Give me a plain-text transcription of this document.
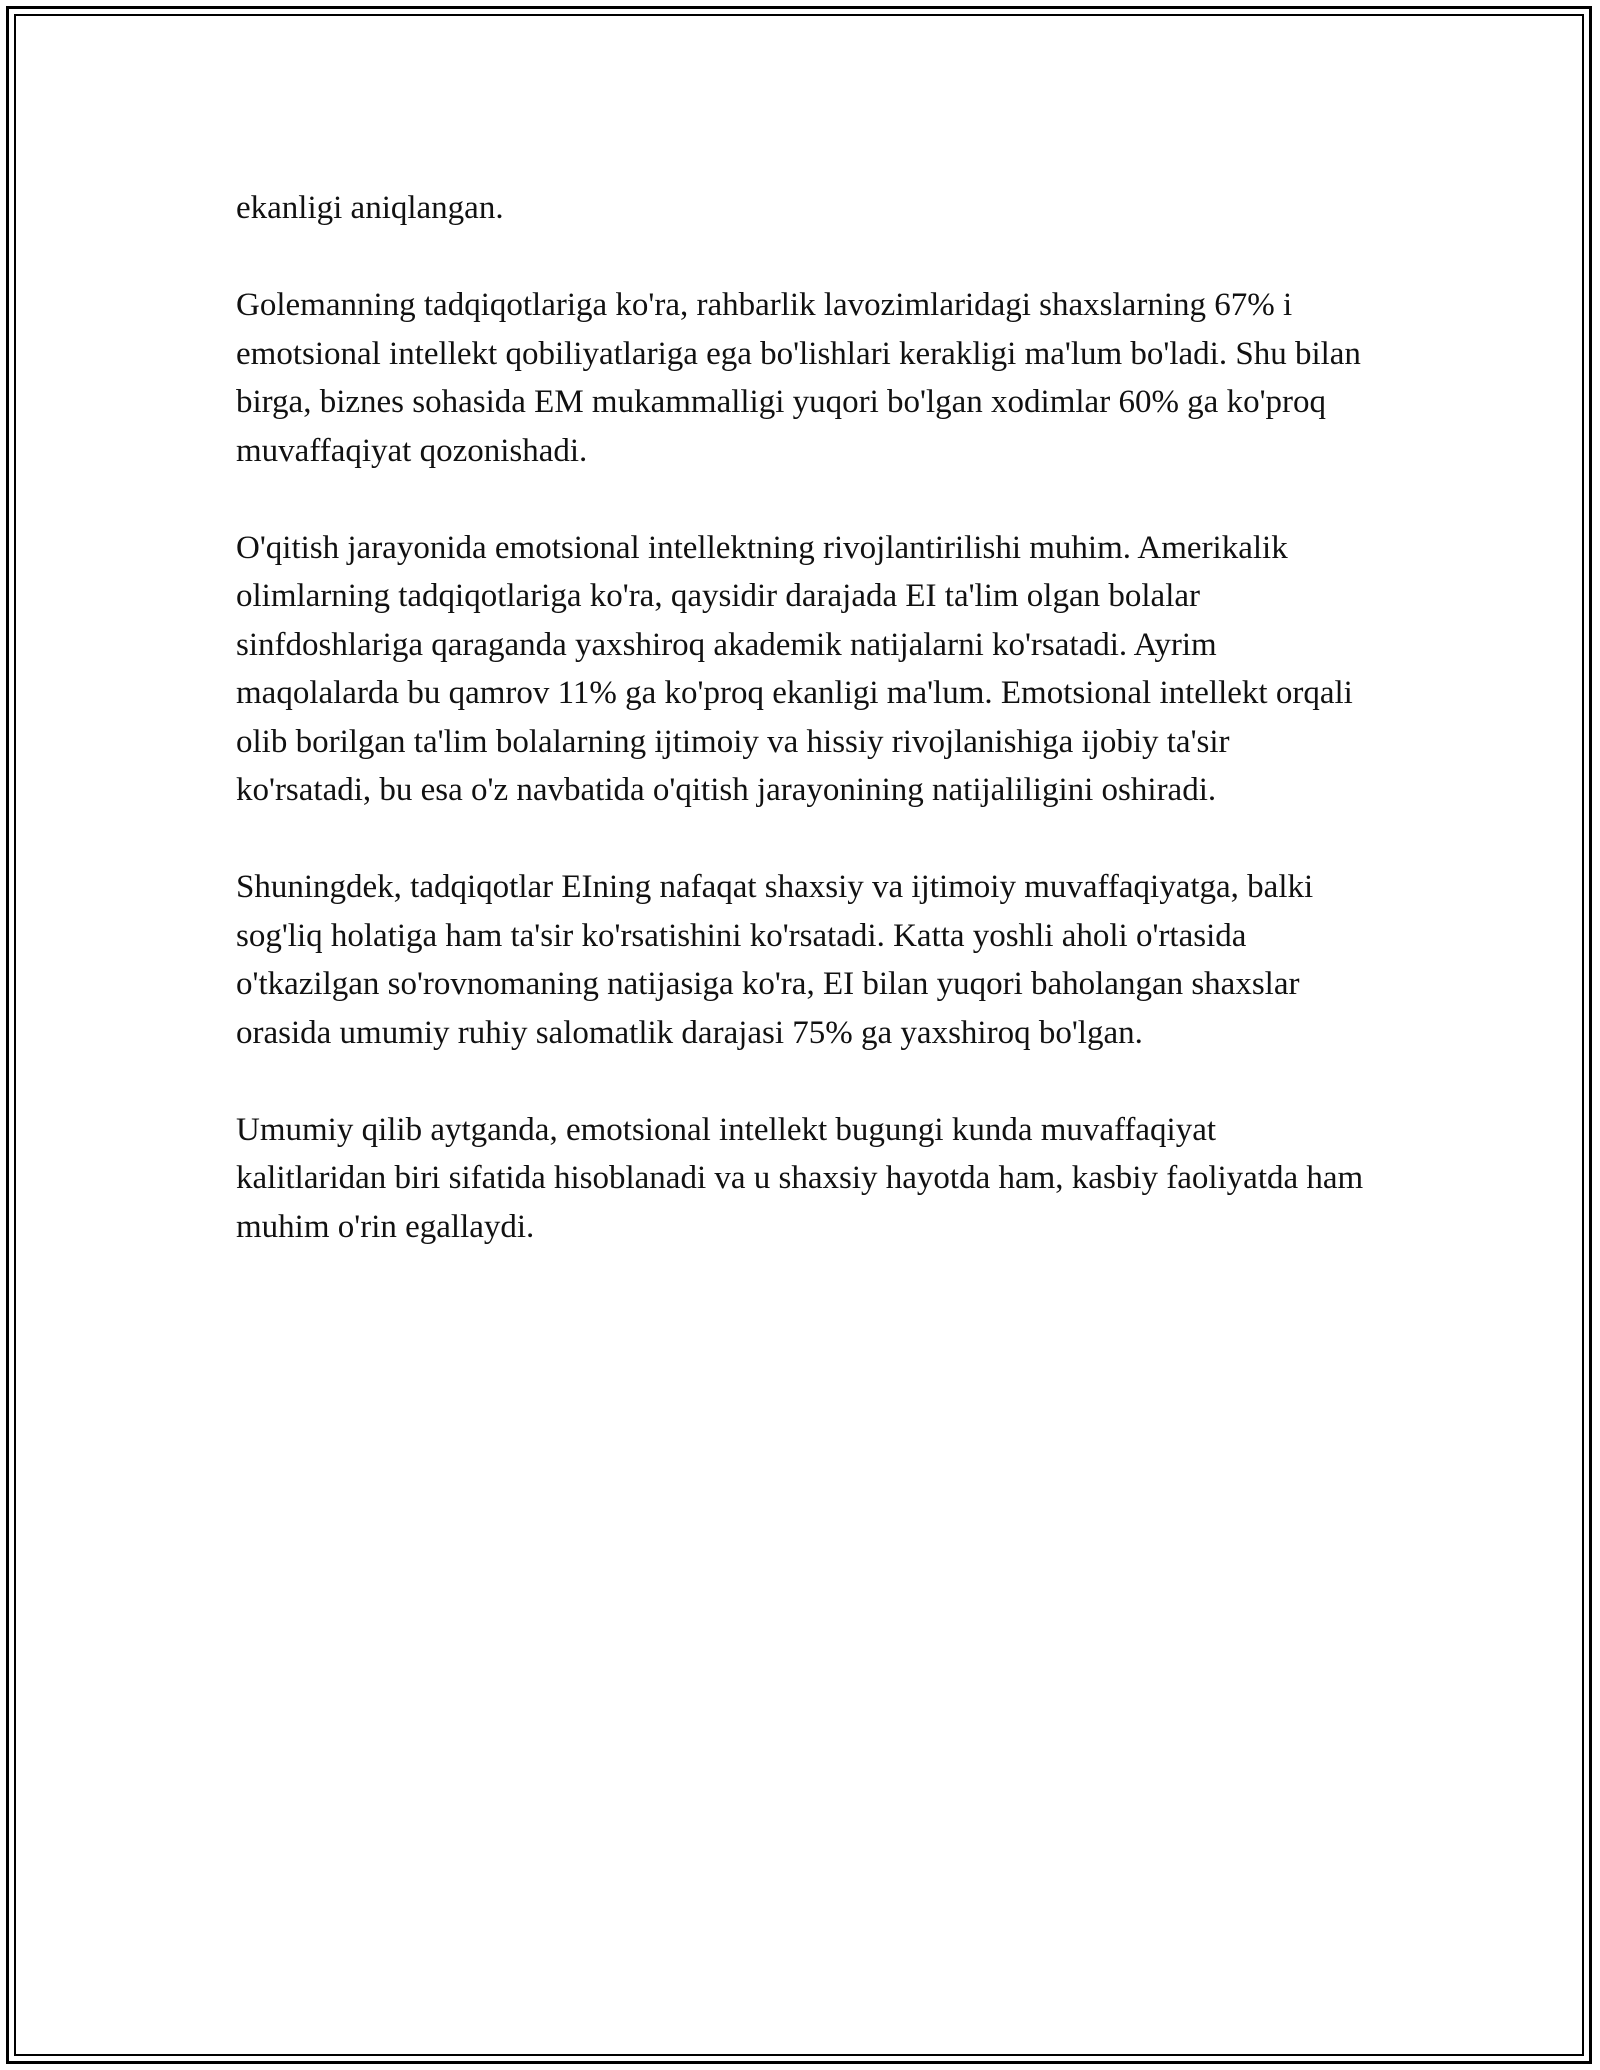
ekanligi aniqlangan.

Golemanning tadqiqotlariga ko'ra, rahbarlik lavozimlaridagi shaxslarning 67% i emotsional intellekt qobiliyatlariga ega bo'lishlari kerakligi ma'lum bo'ladi. Shu bilan birga, biznes sohasida EM mukammalligi yuqori bo'lgan xodimlar 60% ga ko'proq muvaffaqiyat qozonishadi.

O'qitish jarayonida emotsional intellektning rivojlantirilishi muhim. Amerikalik olimlarning tadqiqotlariga ko'ra, qaysidir darajada EI ta'lim olgan bolalar sinfdoshlariga qaraganda yaxshiroq akademik natijalarni ko'rsatadi. Ayrim maqolalarda bu qamrov 11% ga ko'proq ekanligi ma'lum. Emotsional intellekt orqali olib borilgan ta'lim bolalarning ijtimoiy va hissiy rivojlanishiga ijobiy ta'sir ko'rsatadi, bu esa o'z navbatida o'qitish jarayonining natijaliligini oshiradi.

Shuningdek, tadqiqotlar EIning nafaqat shaxsiy va ijtimoiy muvaffaqiyatga, balki sog'liq holatiga ham ta'sir ko'rsatishini ko'rsatadi. Katta yoshli aholi o'rtasida o'tkazilgan so'rovnomaning natijasiga ko'ra, EI bilan yuqori baholangan shaxslar orasida umumiy ruhiy salomatlik darajasi 75% ga yaxshiroq bo'lgan.

Umumiy qilib aytganda, emotsional intellekt bugungi kunda muvaffaqiyat kalitlaridan biri sifatida hisoblanadi va u shaxsiy hayotda ham, kasbiy faoliyatda ham muhim o'rin egallaydi.
